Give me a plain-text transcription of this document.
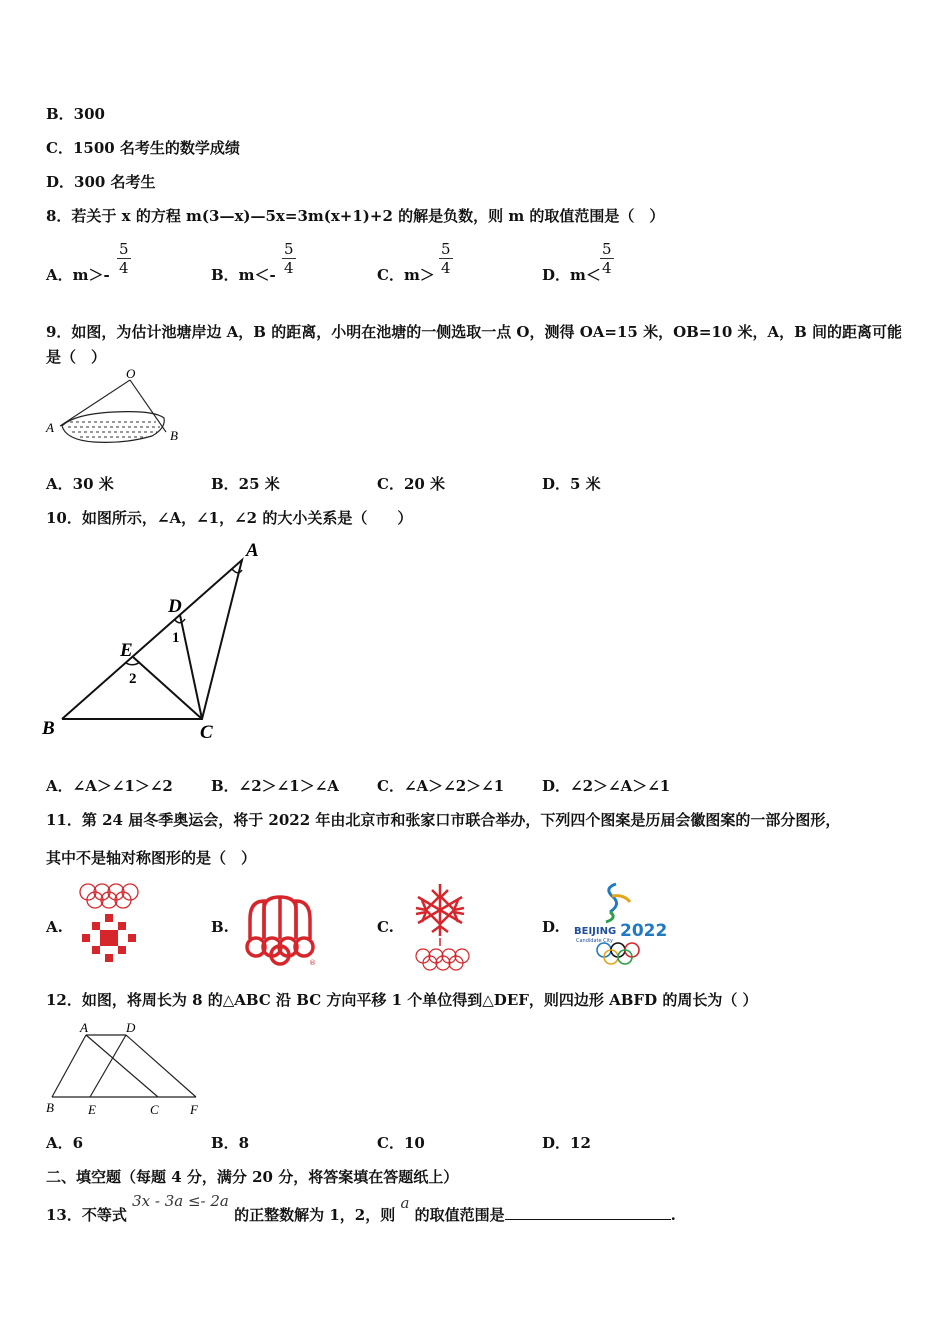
B．300
C．1500 名考生的数学成绩
D．300 名考生
8．若关于 x 的方程 m(3—x)—5x=3m(x+1)+2 的解是负数，则 m 的取值范围是（　）
A．$m>- \frac{5}{4}$	B．$m<- \frac{5}{4}$	C．$m> \frac{5}{4}$	D．$m< \frac{5}{4}$
9．如图，为估计池塘岸边 A，B 的距离，小明在池塘的一侧选取一点 O，测得 OA=15 米，OB=10 米，A，B 间的距离可能是（　）
O
A
B
A．30 米	B．25 米	C．20 米	D．5 米
10．如图所示，∠A，∠1，∠2 的大小关系是（　　）
A
D
E
B	C
1
2
A．∠A＞∠1＞∠2	B．∠2＞∠1＞∠A	C．∠A＞∠2＞∠1	D．∠2＞∠A＞∠1
11．第 24 届冬季奥运会，将于 2022 年由北京市和张家口市联合举办，下列四个图案是历届会徽图案的一部分图形，
其中不是轴对称图形的是（　）
A.	B.
®
C.	D. BEIJING 2022
Candidate City
12．如图，将周长为 8 的△ABC 沿 BC 方向平移 1 个单位得到△DEF，则四边形 ABFD 的周长为（ ）
A	D
B	E	C F
A．6	B．8	C．10	D．12
二、填空题（每题 4 分，满分 20 分，将答案填在答题纸上）
13．不等式 3x - 3a ≤- 2a 的正整数解为 1，2，则 a 的取值范围是	.
